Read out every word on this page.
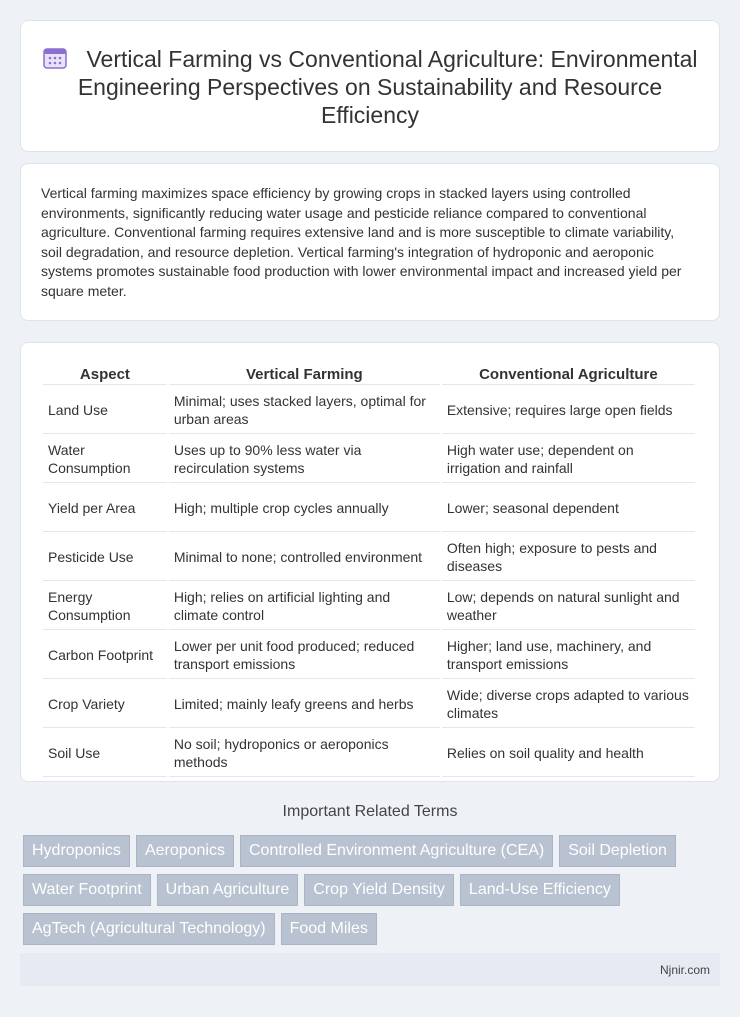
Vertical Farming vs Conventional Agriculture: Environmental Engineering Perspectives on Sustainability and Resource Efficiency

Vertical farming maximizes space efficiency by growing crops in stacked layers using controlled environments, significantly reducing water usage and pesticide reliance compared to conventional agriculture. Conventional farming requires extensive land and is more susceptible to climate variability, soil degradation, and resource depletion. Vertical farming's integration of hydroponic and aeroponic systems promotes sustainable food production with lower environmental impact and increased yield per square meter.

Aspect	Vertical Farming	Conventional Agriculture
Land Use	Minimal; uses stacked layers, optimal for urban areas	Extensive; requires large open fields
Water Consumption	Uses up to 90% less water via recirculation systems	High water use; dependent on irrigation and rainfall
Yield per Area	High; multiple crop cycles annually	Lower; seasonal dependent
Pesticide Use	Minimal to none; controlled environment	Often high; exposure to pests and diseases
Energy Consumption	High; relies on artificial lighting and climate control	Low; depends on natural sunlight and weather
Carbon Footprint	Lower per unit food produced; reduced transport emissions	Higher; land use, machinery, and transport emissions
Crop Variety	Limited; mainly leafy greens and herbs	Wide; diverse crops adapted to various climates
Soil Use	No soil; hydroponics or aeroponics methods	Relies on soil quality and health
Important Related Terms
Hydroponics	Aeroponics	Controlled Environment Agriculture (CEA)	Soil Depletion
Water Footprint	Urban Agriculture	Crop Yield Density	Land-Use Efficiency
AgTech (Agricultural Technology)	Food Miles
Njnir.com
